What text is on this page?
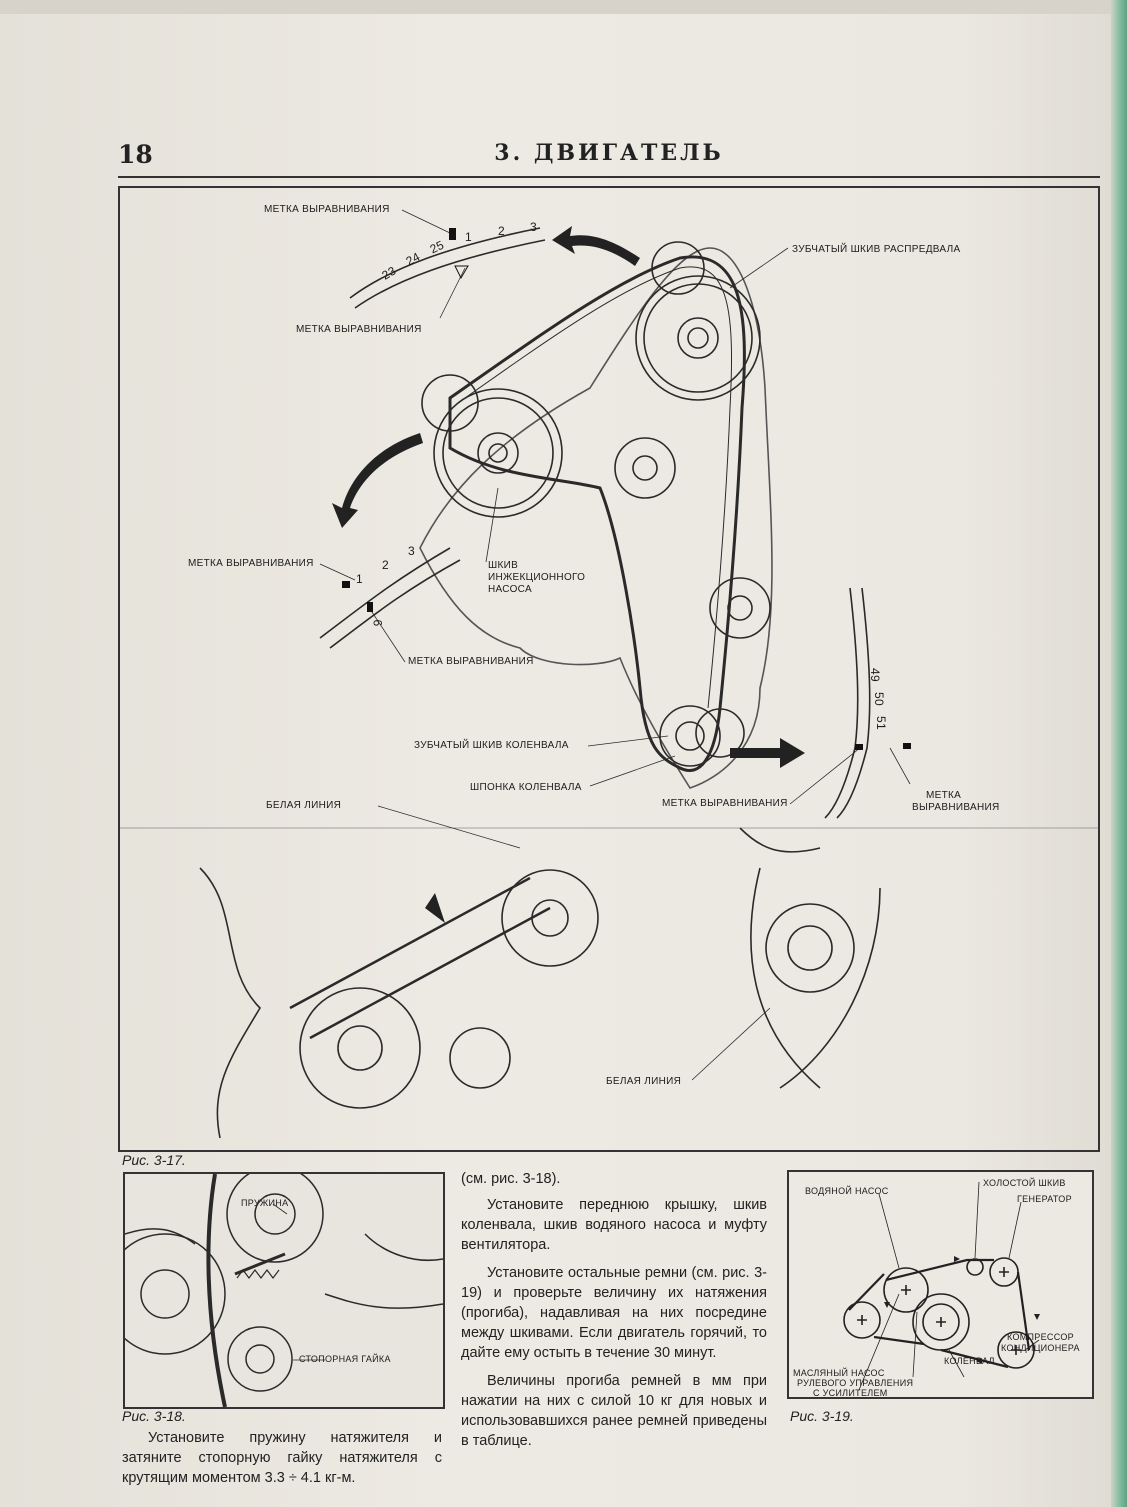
18	3. ДВИГАТЕЛЬ
23
24
25
1 2 3
1
2
3
6
49
50
51
МЕТКА ВЫРАВНИВАНИЯ
МЕТКА ВЫРАВНИВАНИЯ
ЗУБЧАТЫЙ ШКИВ РАСПРЕДВАЛА
МЕТКА ВЫРАВНИВАНИЯ
МЕТКА ВЫРАВНИВАНИЯ
ШКИВ
ИНЖЕКЦИОННОГО
НАСОСА
ЗУБЧАТЫЙ ШКИВ КОЛЕНВАЛА
ШПОНКА КОЛЕНВАЛА
МЕТКА ВЫРАВНИВАНИЯ
МЕТКА
ВЫРАВНИВАНИЯ
БЕЛАЯ ЛИНИЯ
БЕЛАЯ ЛИНИЯ
Рис. 3-17.
ПРУЖИНА
СТОПОРНАЯ ГАЙКА
Рис. 3-18.

Установите пружину натяжителя и затяните стопорную гайку натяжителя с крутящим моментом 3.3 ÷ 4.1 кг-м.

(см. рис. 3-18).

Установите переднюю крышку, шкив коленвала, шкив водяного насоса и муфту вентилятора.

Установите остальные ремни (см. рис. 3-19) и проверьте величину их натяжения (прогиба), надавливая на них посредине между шкивами. Если двигатель горячий, то дайте ему остыть в течение 30 минут.

Величины прогиба ремней в мм при нажатии на них с силой 10 кг для новых и использовавшихся ранее ремней приведены в таблице.

ВОДЯНОЙ НАСОС
ХОЛОСТОЙ ШКИВ
ГЕНЕРАТОР
КОМПРЕССОР
КОНДИЦИОНЕРА
КОЛЕНВАЛ
МАСЛЯНЫЙ НАСОС
РУЛЕВОГО УПРАВЛЕНИЯ
С УСИЛИТЕЛЕМ
Рис. 3-19.
